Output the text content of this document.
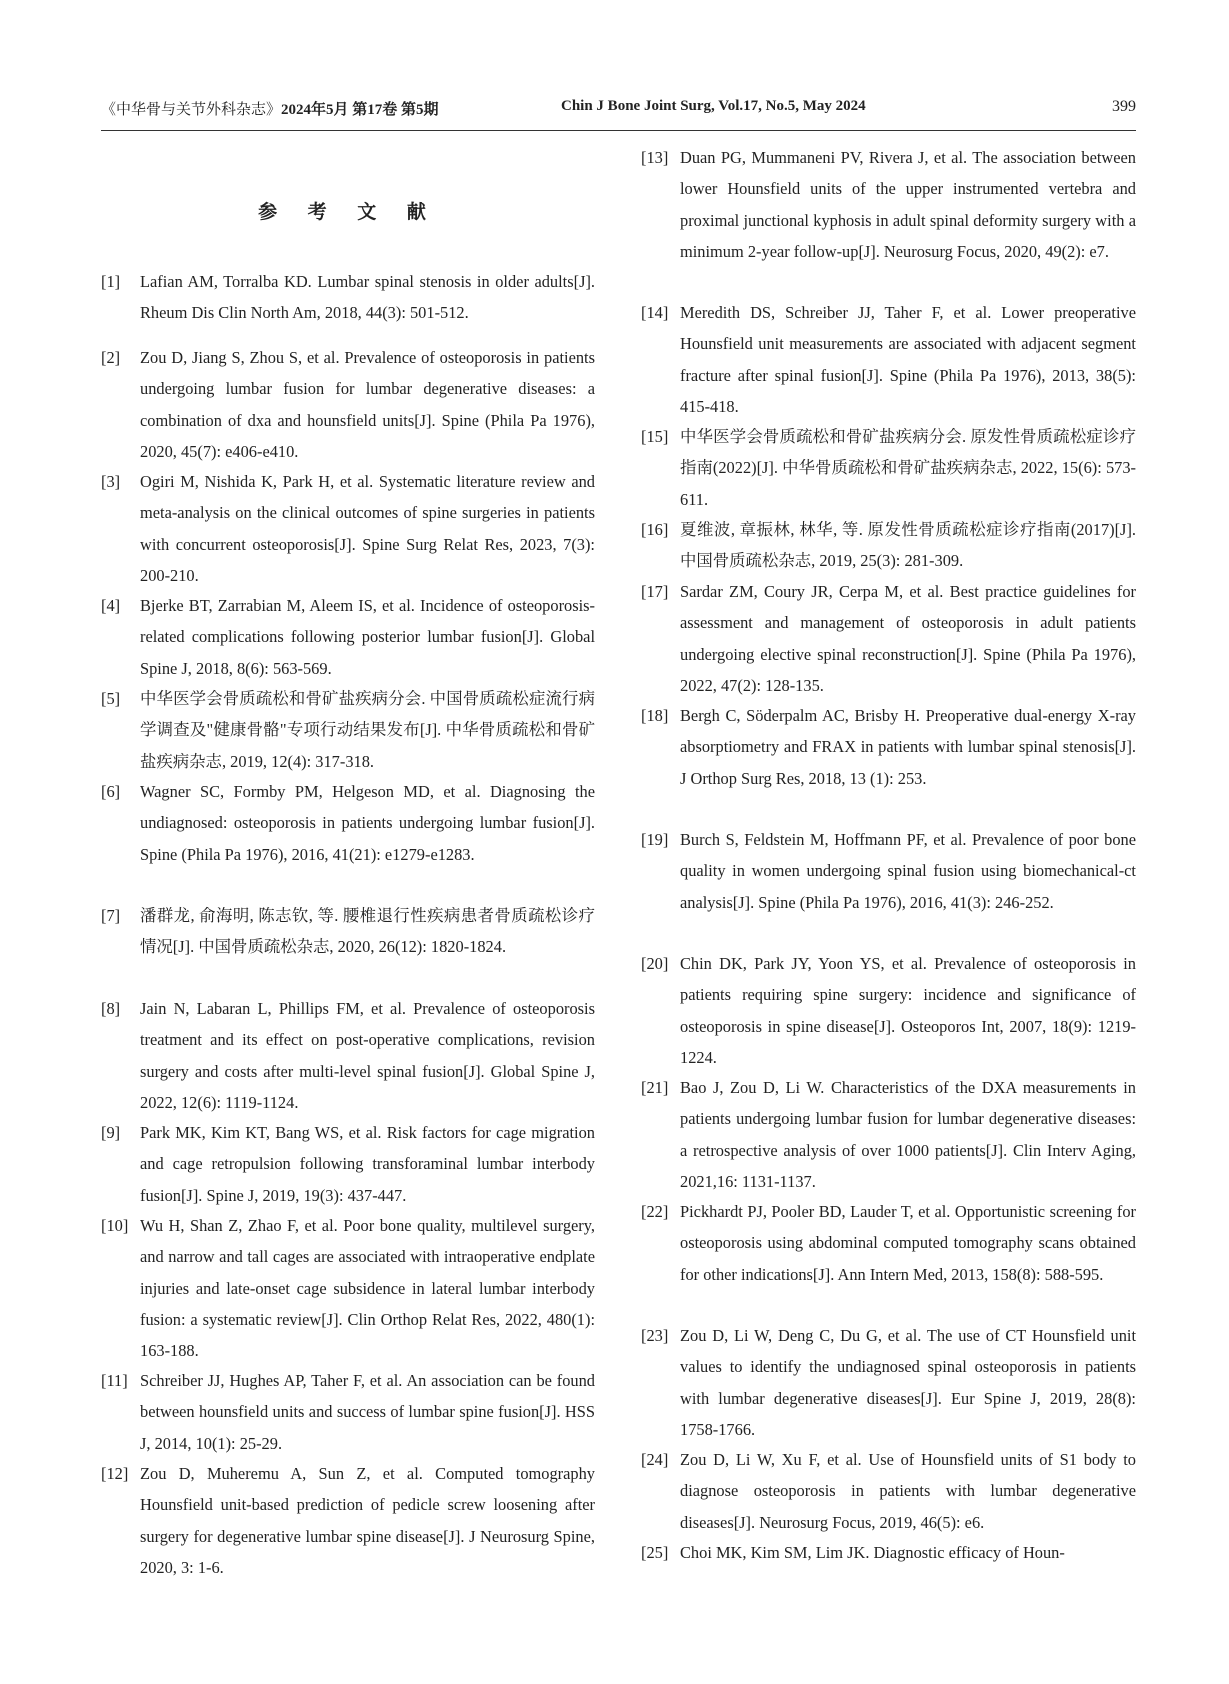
《中华骨与关节外科杂志》2024年5月 第17卷 第5期	Chin J Bone Joint Surg, Vol.17, No.5, May 2024	399
参 考 文 献
[1] Lafian AM, Torralba KD. Lumbar spinal stenosis in older adults[J]. Rheum Dis Clin North Am, 2018, 44(3): 501-512.
[2] Zou D, Jiang S, Zhou S, et al. Prevalence of osteoporosis in patients undergoing lumbar fusion for lumbar degenerative diseases: a combination of dxa and hounsfield units[J]. Spine (Phila Pa 1976), 2020, 45(7): e406-e410.
[3] Ogiri M, Nishida K, Park H, et al. Systematic literature review and meta-analysis on the clinical outcomes of spine surgeries in patients with concurrent osteoporosis[J]. Spine Surg Relat Res, 2023, 7(3): 200-210.
[4] Bjerke BT, Zarrabian M, Aleem IS, et al. Incidence of osteoporosis-related complications following posterior lumbar fusion[J]. Global Spine J, 2018, 8(6): 563-569.
[5] 中华医学会骨质疏松和骨矿盐疾病分会. 中国骨质疏松症流行病学调查及"健康骨骼"专项行动结果发布[J]. 中华骨质疏松和骨矿盐疾病杂志, 2019, 12(4): 317-318.
[6] Wagner SC, Formby PM, Helgeson MD, et al. Diagnosing the undiagnosed: osteoporosis in patients undergoing lumbar fusion[J]. Spine (Phila Pa 1976), 2016, 41(21): e1279-e1283.
[7] 潘群龙, 俞海明, 陈志钦, 等. 腰椎退行性疾病患者骨质疏松诊疗情况[J]. 中国骨质疏松杂志, 2020, 26(12): 1820-1824.
[8] Jain N, Labaran L, Phillips FM, et al. Prevalence of osteoporosis treatment and its effect on post-operative complications, revision surgery and costs after multi-level spinal fusion[J]. Global Spine J, 2022, 12(6): 1119-1124.
[9] Park MK, Kim KT, Bang WS, et al. Risk factors for cage migration and cage retropulsion following transforaminal lumbar interbody fusion[J]. Spine J, 2019, 19(3): 437-447.
[10] Wu H, Shan Z, Zhao F, et al. Poor bone quality, multilevel surgery, and narrow and tall cages are associated with intraoperative endplate injuries and late-onset cage subsidence in lateral lumbar interbody fusion: a systematic review[J]. Clin Orthop Relat Res, 2022, 480(1): 163-188.
[11] Schreiber JJ, Hughes AP, Taher F, et al. An association can be found between hounsfield units and success of lumbar spine fusion[J]. HSS J, 2014, 10(1): 25-29.
[12] Zou D, Muheremu A, Sun Z, et al. Computed tomography Hounsfield unit-based prediction of pedicle screw loosening after surgery for degenerative lumbar spine disease[J]. J Neurosurg Spine, 2020, 3: 1-6.
[13] Duan PG, Mummaneni PV, Rivera J, et al. The association between lower Hounsfield units of the upper instrumented vertebra and proximal junctional kyphosis in adult spinal deformity surgery with a minimum 2-year follow-up[J]. Neurosurg Focus, 2020, 49(2): e7.
[14] Meredith DS, Schreiber JJ, Taher F, et al. Lower preoperative Hounsfield unit measurements are associated with adjacent segment fracture after spinal fusion[J]. Spine (Phila Pa 1976), 2013, 38(5): 415-418.
[15] 中华医学会骨质疏松和骨矿盐疾病分会. 原发性骨质疏松症诊疗指南(2022)[J]. 中华骨质疏松和骨矿盐疾病杂志, 2022, 15(6): 573-611.
[16] 夏维波, 章振林, 林华, 等. 原发性骨质疏松症诊疗指南(2017)[J]. 中国骨质疏松杂志, 2019, 25(3): 281-309.
[17] Sardar ZM, Coury JR, Cerpa M, et al. Best practice guidelines for assessment and management of osteoporosis in adult patients undergoing elective spinal reconstruction[J]. Spine (Phila Pa 1976), 2022, 47(2): 128-135.
[18] Bergh C, Söderpalm AC, Brisby H. Preoperative dual-energy X-ray absorptiometry and FRAX in patients with lumbar spinal stenosis[J]. J Orthop Surg Res, 2018, 13 (1): 253.
[19] Burch S, Feldstein M, Hoffmann PF, et al. Prevalence of poor bone quality in women undergoing spinal fusion using biomechanical-ct analysis[J]. Spine (Phila Pa 1976), 2016, 41(3): 246-252.
[20] Chin DK, Park JY, Yoon YS, et al. Prevalence of osteoporosis in patients requiring spine surgery: incidence and significance of osteoporosis in spine disease[J]. Osteoporos Int, 2007, 18(9): 1219-1224.
[21] Bao J, Zou D, Li W. Characteristics of the DXA measurements in patients undergoing lumbar fusion for lumbar degenerative diseases: a retrospective analysis of over 1000 patients[J]. Clin Interv Aging, 2021,16: 1131-1137.
[22] Pickhardt PJ, Pooler BD, Lauder T, et al. Opportunistic screening for osteoporosis using abdominal computed tomography scans obtained for other indications[J]. Ann Intern Med, 2013, 158(8): 588-595.
[23] Zou D, Li W, Deng C, Du G, et al. The use of CT Hounsfield unit values to identify the undiagnosed spinal osteoporosis in patients with lumbar degenerative diseases[J]. Eur Spine J, 2019, 28(8): 1758-1766.
[24] Zou D, Li W, Xu F, et al. Use of Hounsfield units of S1 body to diagnose osteoporosis in patients with lumbar degenerative diseases[J]. Neurosurg Focus, 2019, 46(5): e6.
[25] Choi MK, Kim SM, Lim JK. Diagnostic efficacy of Houn-
